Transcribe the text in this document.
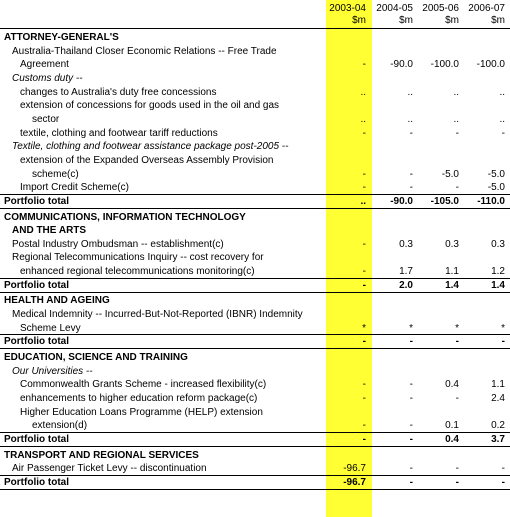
2003-04	2004-05 2005-06 2006-07
$m	$m	$m	$m
ATTORNEY-GENERAL'S
Australia-Thailand Closer Economic Relations -- Free Trade
Agreement	-	-90.0	-100.0	-100.0
Customs duty --
changes to Australia's duty free concessions	..	..	..	..
extension of concessions for goods used in the oil and gas
sector	..	..	..	..
textile, clothing and footwear tariff reductions	-	-	-	-
Textile, clothing and footwear assistance package post-2005 --
extension of the Expanded Overseas Assembly Provision
scheme(c)	-	-	-5.0	-5.0
Import Credit Scheme(c)	-	-	-	-5.0
Portfolio total	..	-90.0	-105.0	-110.0
COMMUNICATIONS, INFORMATION TECHNOLOGY
AND THE ARTS
Postal Industry Ombudsman -- establishment(c)	-	0.3	0.3	0.3
Regional Telecommunications Inquiry -- cost recovery for
enhanced regional telecommunications monitoring(c)	-	1.7	1.1	1.2
Portfolio total	-	2.0	1.4	1.4
HEALTH AND AGEING
Medical Indemnity -- Incurred-But-Not-Reported (IBNR) Indemnity
Scheme Levy	*	*	*	*
Portfolio total	-	-	-	-
EDUCATION, SCIENCE AND TRAINING
Our Universities --
Commonwealth Grants Scheme - increased flexibility(c)	-	-	0.4	1.1
enhancements to higher education reform package(c)	-	-	-	2.4
Higher Education Loans Programme (HELP) extension
extension(d)	-	-	0.1	0.2
Portfolio total	-	-	0.4	3.7
TRANSPORT AND REGIONAL SERVICES
Air Passenger Ticket Levy -- discontinuation	-96.7	-	-	-
Portfolio total	-96.7	-	-	-
